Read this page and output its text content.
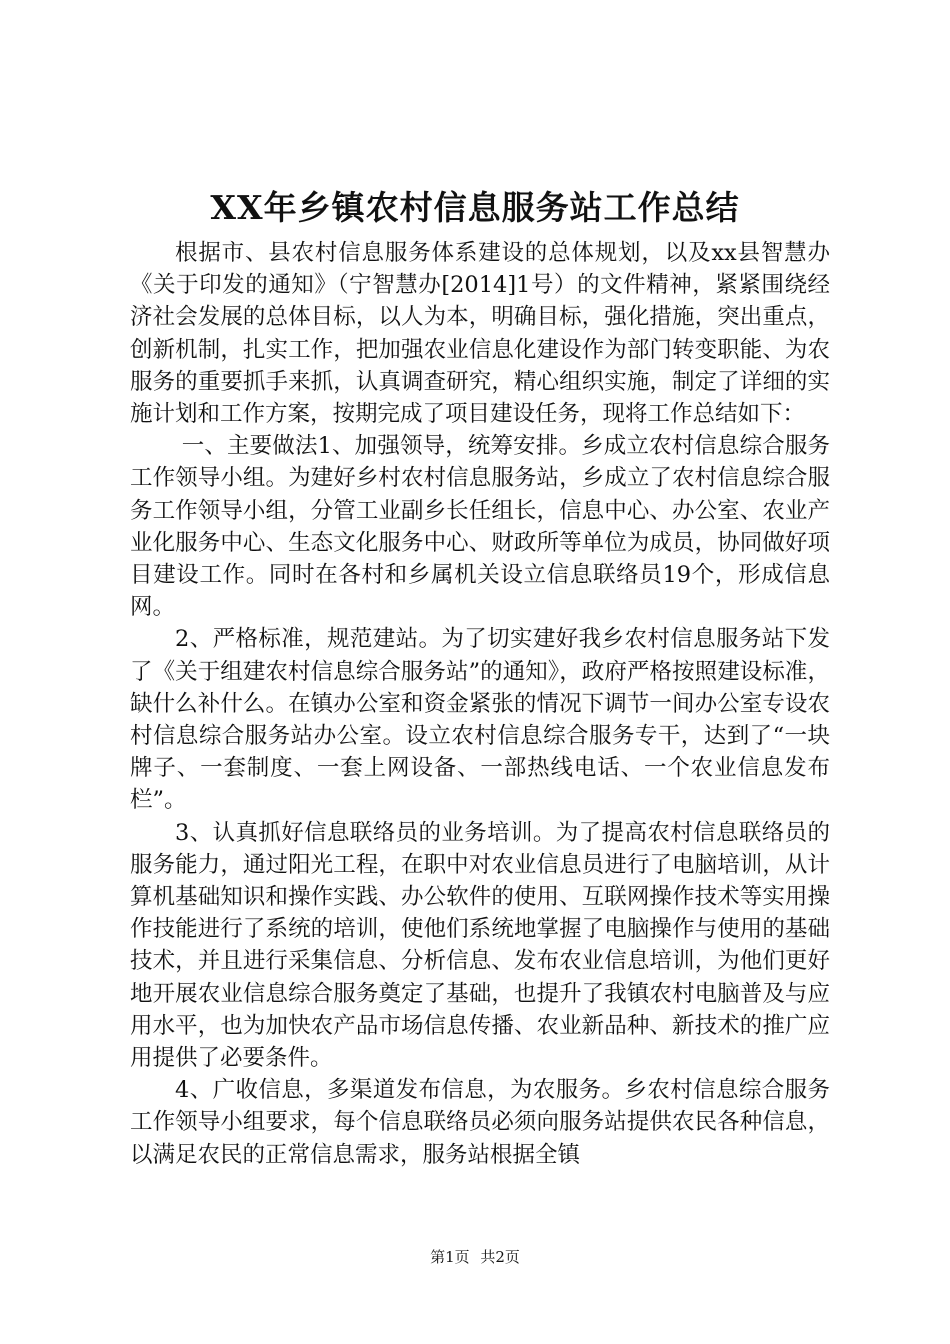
XX年乡镇农村信息服务站工作总结

根据市、县农村信息服务体系建设的总体规划，以及xx县智慧办《关于印发的通知》（宁智慧办[2014]1号）的文件精神，紧紧围绕经济社会发展的总体目标，以人为本，明确目标，强化措施，突出重点，创新机制，扎实工作，把加强农业信息化建设作为部门转变职能、为农服务的重要抓手来抓，认真调查研究，精心组织实施，制定了详细的实施计划和工作方案，按期完成了项目建设任务，现将工作总结如下：

一、主要做法1、加强领导，统筹安排。乡成立农村信息综合服务工作领导小组。为建好乡村农村信息服务站，乡成立了农村信息综合服务工作领导小组，分管工业副乡长任组长，信息中心、办公室、农业产业化服务中心、生态文化服务中心、财政所等单位为成员，协同做好项目建设工作。同时在各村和乡属机关设立信息联络员19个，形成信息网。

2、严格标准，规范建站。为了切实建好我乡农村信息服务站下发了《关于组建农村信息综合服务站”的通知》，政府严格按照建设标准，缺什么补什么。在镇办公室和资金紧张的情况下调节一间办公室专设农村信息综合服务站办公室。设立农村信息综合服务专干，达到了“一块牌子、一套制度、一套上网设备、一部热线电话、一个农业信息发布栏”。

3、认真抓好信息联络员的业务培训。为了提高农村信息联络员的服务能力，通过阳光工程，在职中对农业信息员进行了电脑培训，从计算机基础知识和操作实践、办公软件的使用、互联网操作技术等实用操作技能进行了系统的培训，使他们系统地掌握了电脑操作与使用的基础技术，并且进行采集信息、分析信息、发布农业信息培训，为他们更好地开展农业信息综合服务奠定了基础，也提升了我镇农村电脑普及与应用水平，也为加快农产品市场信息传播、农业新品种、新技术的推广应用提供了必要条件。

4、广收信息，多渠道发布信息，为农服务。乡农村信息综合服务工作领导小组要求，每个信息联络员必须向服务站提供农民各种信息，以满足农民的正常信息需求，服务站根据全镇

第1页 共2页
